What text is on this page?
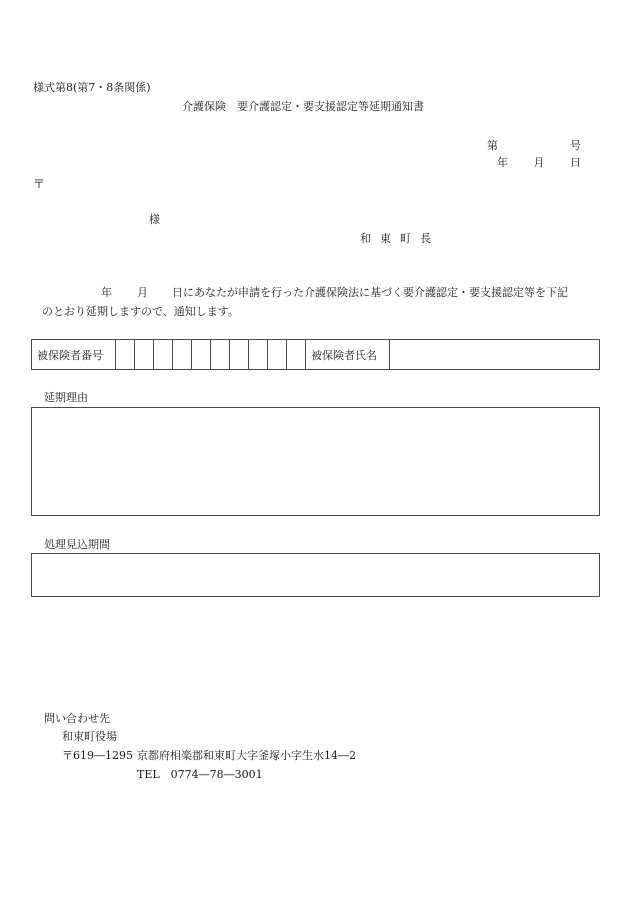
様式第8(第7・8条関係)
介護保険　要介護認定・要支援認定等延期通知書
第	号
年 月 日
〒
様
和東町長
年 月 日にあなたが申請を行った介護保険法に基づく要介護認定・要支援認定等を下記
のとおり延期しますので、通知します。
被保険者番号											被保険者氏名	
延期理由
処理見込期間
問い合わせ先
和束町役場
〒619―1295 京都府相楽郡和束町大字釜塚小字生水14―2
TEL　0774―78―3001
